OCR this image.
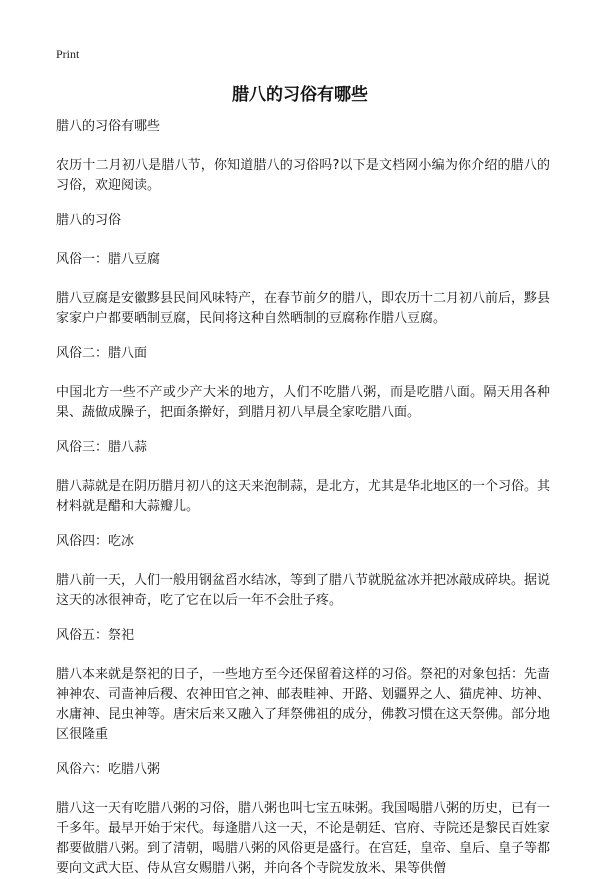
Print
腊八的习俗有哪些

腊八的习俗有哪些

农历十二月初八是腊八节，你知道腊八的习俗吗?以下是文档网小编为你介绍的腊八的习俗，欢迎阅读。

腊八的习俗

风俗一：腊八豆腐

腊八豆腐是安徽黟县民间风味特产，在春节前夕的腊八，即农历十二月初八前后，黟县家家户户都要晒制豆腐，民间将这种自然晒制的豆腐称作腊八豆腐。

风俗二：腊八面

中国北方一些不产或少产大米的地方，人们不吃腊八粥，而是吃腊八面。隔天用各种果、蔬做成臊子，把面条擀好，到腊月初八早晨全家吃腊八面。

风俗三：腊八蒜

腊八蒜就是在阴历腊月初八的这天来泡制蒜，是北方，尤其是华北地区的一个习俗。其材料就是醋和大蒜瓣儿。

风俗四：吃冰

腊八前一天，人们一般用钢盆舀水结冰，等到了腊八节就脱盆冰并把冰敲成碎块。据说这天的冰很神奇，吃了它在以后一年不会肚子疼。

风俗五：祭祀

腊八本来就是祭祀的日子，一些地方至今还保留着这样的习俗。祭祀的对象包括：先啬神神农、司啬神后稷、农神田官之神、邮表畦神、开路、划疆界之人、猫虎神、坊神、水庸神、昆虫神等。唐宋后来又融入了拜祭佛祖的成分，佛教习惯在这天祭佛。部分地区很隆重

风俗六：吃腊八粥

腊八这一天有吃腊八粥的习俗，腊八粥也叫七宝五味粥。我国喝腊八粥的历史，已有一千多年。最早开始于宋代。每逢腊八这一天，不论是朝廷、官府、寺院还是黎民百姓家都要做腊八粥。到了清朝，喝腊八粥的风俗更是盛行。在宫廷，皇帝、皇后、皇子等都要向文武大臣、侍从宫女赐腊八粥，并向各个寺院发放米、果等供僧
